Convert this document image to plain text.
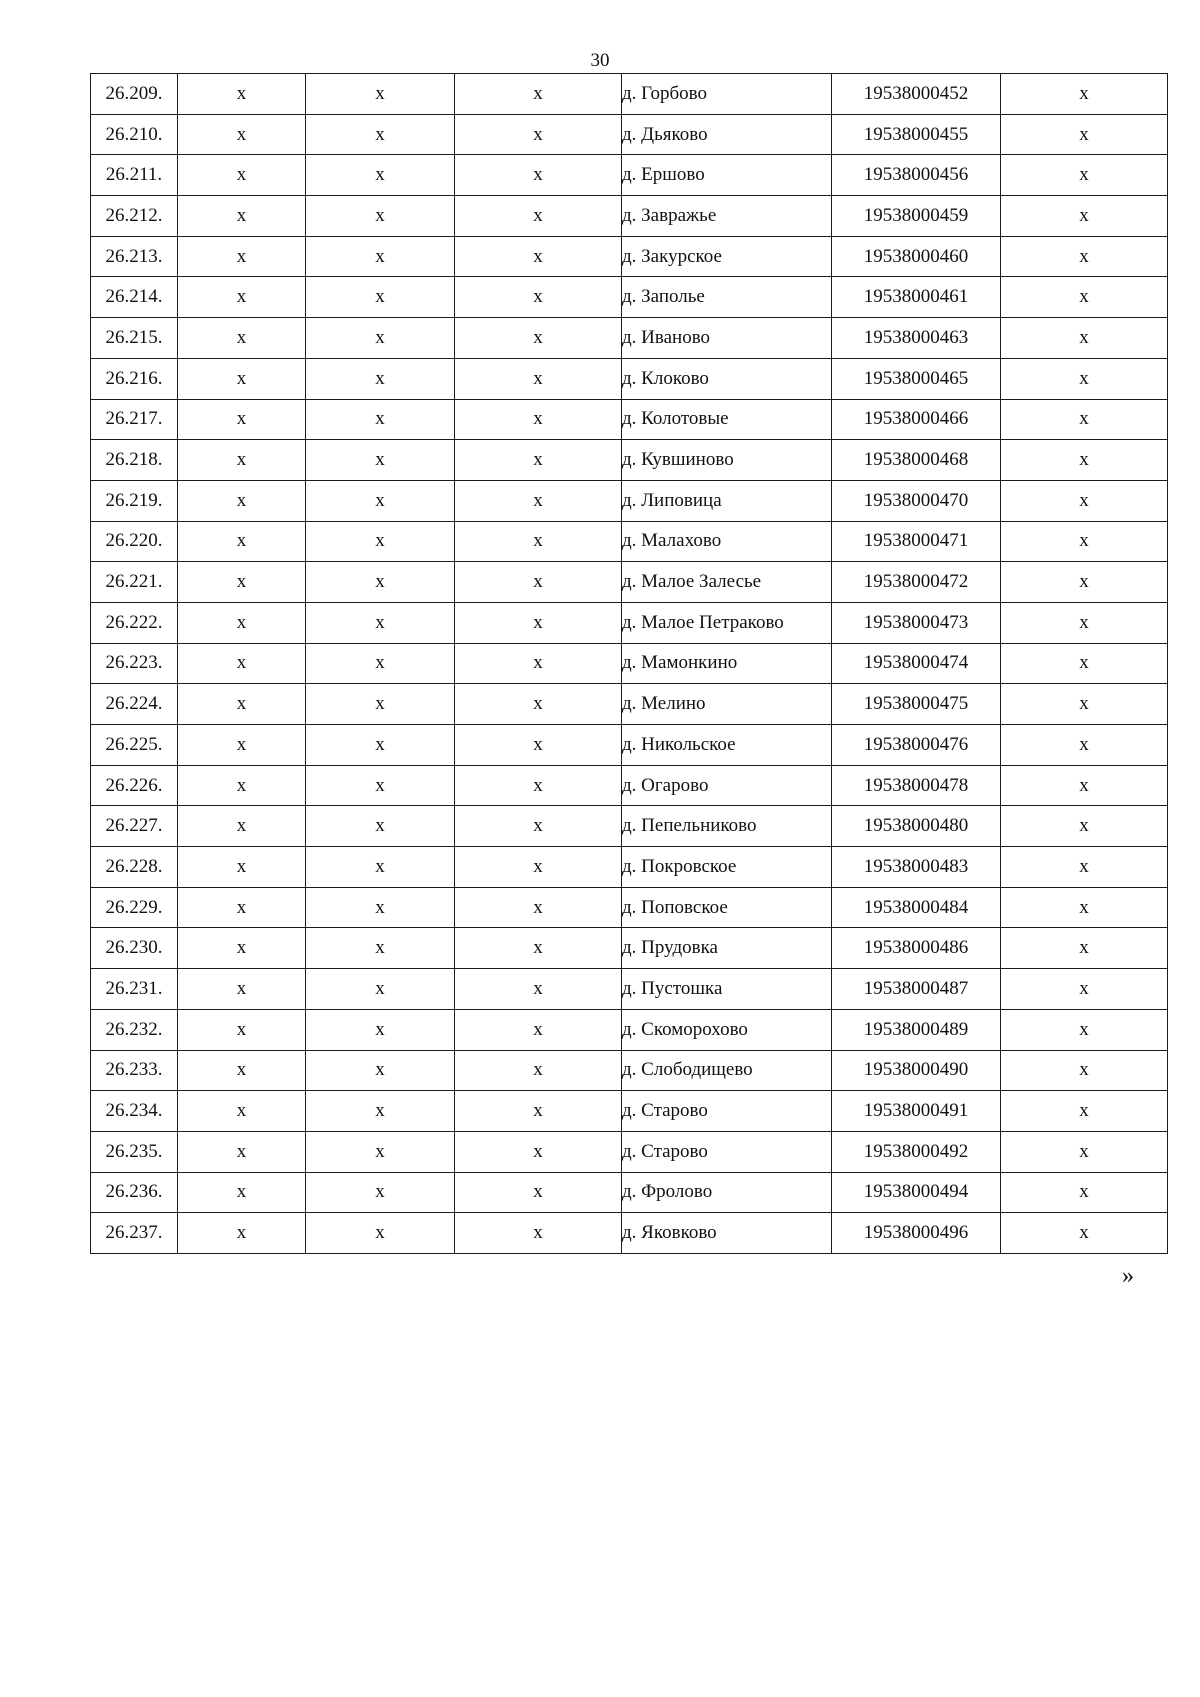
30
26.209.	х	х	х	д. Горбово	19538000452	х
26.210.	х	х	х	д. Дьяково	19538000455	х
26.211.	х	х	х	д. Ершово	19538000456	х
26.212.	х	х	х	д. Завражье	19538000459	х
26.213.	х	х	х	д. Закурское	19538000460	х
26.214.	х	х	х	д. Заполье	19538000461	х
26.215.	х	х	х	д. Иваново	19538000463	х
26.216.	х	х	х	д. Клоково	19538000465	х
26.217.	х	х	х	д. Колотовые	19538000466	х
26.218.	х	х	х	д. Кувшиново	19538000468	х
26.219.	х	х	х	д. Липовица	19538000470	х
26.220.	х	х	х	д. Малахово	19538000471	х
26.221.	х	х	х	д. Малое Залесье	19538000472	х
26.222.	х	х	х	д. Малое Петраково	19538000473	х
26.223.	х	х	х	д. Мамонкино	19538000474	х
26.224.	х	х	х	д. Мелино	19538000475	х
26.225.	х	х	х	д. Никольское	19538000476	х
26.226.	х	х	х	д. Огарово	19538000478	х
26.227.	х	х	х	д. Пепельниково	19538000480	х
26.228.	х	х	х	д. Покровское	19538000483	х
26.229.	х	х	х	д. Поповское	19538000484	х
26.230.	х	х	х	д. Прудовка	19538000486	х
26.231.	х	х	х	д. Пустошка	19538000487	х
26.232.	х	х	х	д. Скоморохово	19538000489	х
26.233.	х	х	х	д. Слободищево	19538000490	х
26.234.	х	х	х	д. Старово	19538000491	х
26.235.	х	х	х	д. Старово	19538000492	х
26.236.	х	х	х	д. Фролово	19538000494	х
26.237.	х	х	х	д. Яковково	19538000496	х
»
